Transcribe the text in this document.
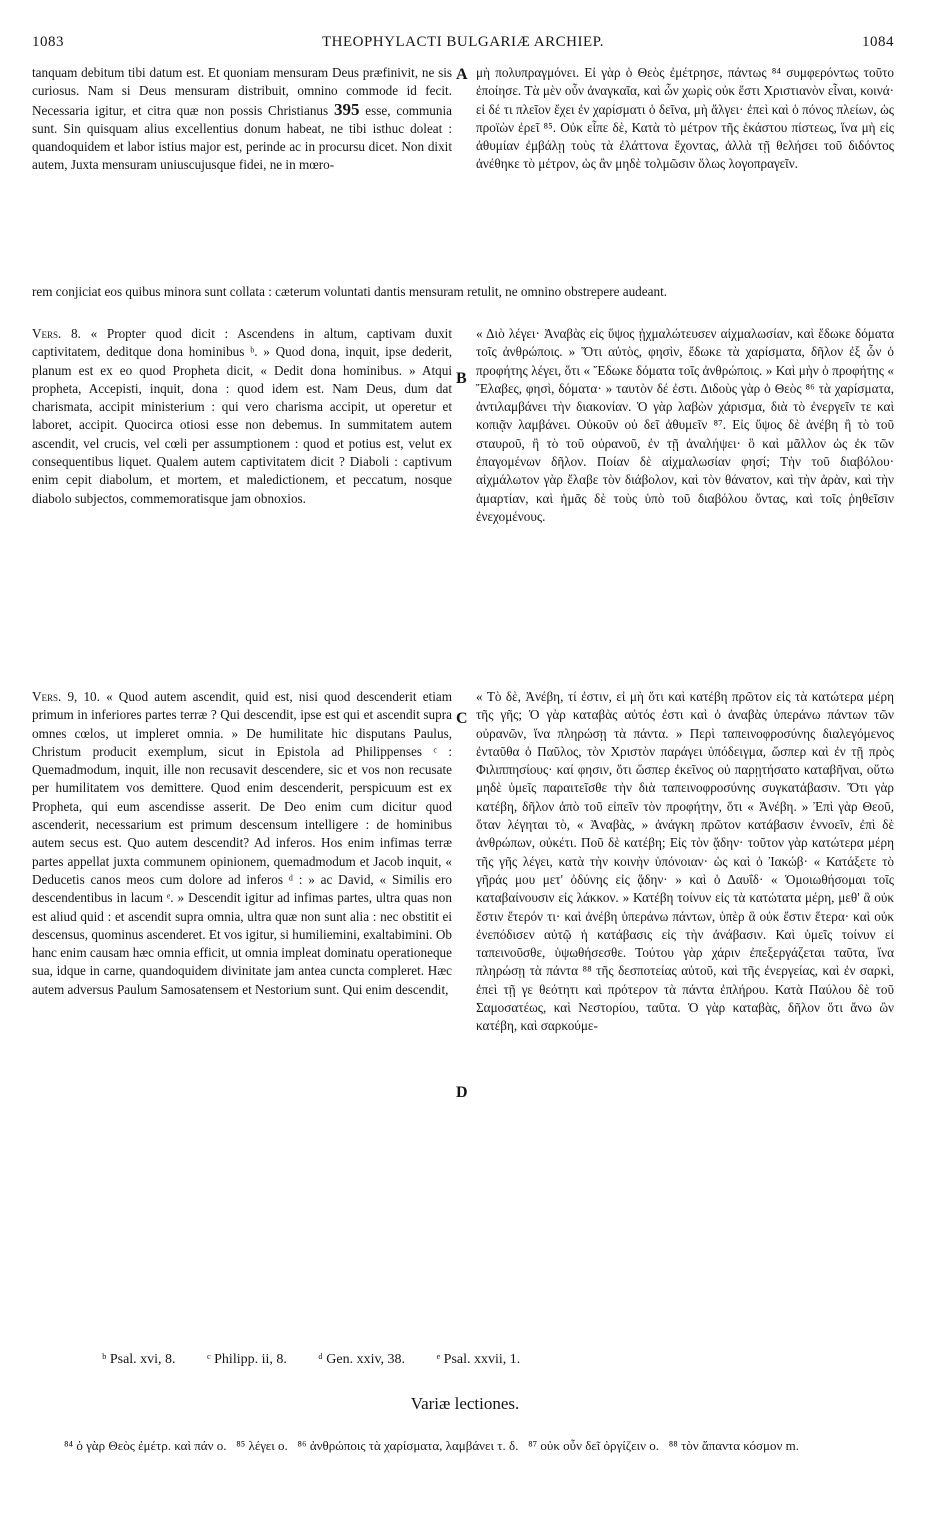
1083	THEOPHYLACTI BULGARIÆ ARCHIEP.	1084
A
B
C
D

tanquam debitum tibi datum est. Et quoniam mensuram Deus præfinivit, ne sis curiosus. Nam si Deus mensuram distribuit, omnino commode id fecit. Necessaria igitur, et citra quæ non possis Christianus 395 esse, communia sunt. Sin quisquam alius excellentius donum habeat, ne tibi isthuc doleat : quandoquidem et labor istius major est, perinde ac in procursu dicet. Non dixit autem, Juxta mensuram uniuscujusque fidei, ne in mœro-

μὴ πολυπραγμόνει. Εἰ γὰρ ὁ Θεὸς ἐμέτρησε, πάντως ⁸⁴ συμφερόντως τοῦτο ἐποίησε. Τὰ μὲν οὖν ἀναγκαῖα, καὶ ὧν χωρὶς οὐκ ἔστι Χριστιανὸν εἶναι, κοινά· εἰ δέ τι πλεῖον ἔχει ἐν χαρίσματι ὁ δεῖνα, μὴ ἄλγει· ἐπεὶ καὶ ὁ πόνος πλείων, ὡς προϊὼν ἐρεῖ ⁸⁵. Οὐκ εἶπε δὲ, Κατὰ τὸ μέτρον τῆς ἑκάστου πίστεως, ἵνα μὴ εἰς ἀθυμίαν ἐμβάλῃ τοὺς τὰ ἐλάττονα ἔχοντας, ἀλλὰ τῇ θελήσει τοῦ διδόντος ἀνέθηκε τὸ μέτρον, ὡς ἂν μηδὲ τολμῶσιν ὅλως λογοπραγεῖν.

rem conjiciat eos quibus minora sunt collata : cæterum voluntati dantis mensuram retulit, ne omnino obstrepere audeant.

Vers. 8. « Propter quod dicit : Ascendens in altum, captivam duxit captivitatem, deditque dona hominibus ᵇ. » Quod dona, inquit, ipse dederit, planum est ex eo quod Propheta dicit, « Dedit dona hominibus. » Atqui propheta, Accepisti, inquit, dona : quod idem est. Nam Deus, dum dat charismata, accipit ministerium : qui vero charisma accipit, ut operetur et laboret, accipit. Quocirca otiosi esse non debemus. In summitatem autem ascendit, vel crucis, vel cœli per assumptionem : quod et potius est, velut ex consequentibus liquet. Qualem autem captivitatem dicit ? Diaboli : captivum enim cepit diabolum, et mortem, et maledictionem, et peccatum, nosque diabolo subjectos, commemoratisque jam obnoxios.

« Διὸ λέγει· Ἀναβὰς εἰς ὕψος ᾐχμαλώτευσεν αἰχμαλωσίαν, καὶ ἔδωκε δόματα τοῖς ἀνθρώποις. » Ὅτι αὐτὸς, φησὶν, ἔδωκε τὰ χαρίσματα, δῆλον ἐξ ὧν ὁ προφήτης λέγει, ὅτι « Ἔδωκε δόματα τοῖς ἀνθρώποις. » Καὶ μὴν ὁ προφήτης « Ἔλαβες, φησὶ, δόματα· » ταυτὸν δέ ἐστι. Διδοὺς γὰρ ὁ Θεὸς ⁸⁶ τὰ χαρίσματα, ἀντιλαμβάνει τὴν διακονίαν. Ὁ γὰρ λαβὼν χάρισμα, διὰ τὸ ἐνεργεῖν τε καὶ κοπιᾷν λαμβάνει. Οὐκοῦν οὐ δεῖ ἀθυμεῖν ⁸⁷. Εἰς ὕψος δὲ ἀνέβη ἢ τὸ τοῦ σταυροῦ, ἢ τὸ τοῦ οὐρανοῦ, ἐν τῇ ἀναλήψει· ὃ καὶ μᾶλλον ὡς ἐκ τῶν ἐπαγομένων δῆλον. Ποίαν δὲ αἰχμαλωσίαν φησί; Τὴν τοῦ διαβόλου· αἰχμάλωτον γὰρ ἔλαβε τὸν διάβολον, καὶ τὸν θάνατον, καὶ τὴν ἀρὰν, καὶ τὴν ἁμαρτίαν, καὶ ἡμᾶς δὲ τοὺς ὑπὸ τοῦ διαβόλου ὄντας, καὶ τοῖς ῥηθεῖσιν ἐνεχομένους.

Vers. 9, 10. « Quod autem ascendit, quid est, nisi quod descenderit etiam primum in inferiores partes terræ ? Qui descendit, ipse est qui et ascendit supra omnes cœlos, ut impleret omnia. » De humilitate hic disputans Paulus, Christum producit exemplum, sicut in Epistola ad Philippenses ᶜ : Quemadmodum, inquit, ille non recusavit descendere, sic et vos non recusate per humilitatem vos demittere. Quod enim descenderit, perspicuum est ex Propheta, qui eum ascendisse asserit. De Deo enim cum dicitur quod ascenderit, necessarium est primum descensum intelligere : de hominibus autem secus est. Quo autem descendit? Ad inferos. Hos enim infimas terræ partes appellat juxta communem opinionem, quemadmodum et Jacob inquit, « Deducetis canos meos cum dolore ad inferos ᵈ : » ac David, « Similis ero descendentibus in lacum ᵉ. » Descendit igitur ad infimas partes, ultra quas non est aliud quid : et ascendit supra omnia, ultra quæ non sunt alia : nec obstitit ei descensus, quominus ascenderet. Et vos igitur, si humiliemini, exaltabimini. Ob hanc enim causam hæc omnia efficit, ut omnia impleat dominatu operationeque sua, idque in carne, quandoquidem divinitate jam antea cuncta compleret. Hæc autem adversus Paulum Samosatensem et Nestorium sunt. Qui enim descendit,

« Τὸ δὲ, Ἀνέβη, τί ἐστιν, εἰ μὴ ὅτι καὶ κατέβη πρῶτον εἰς τὰ κατώτερα μέρη τῆς γῆς; Ὁ γὰρ καταβὰς αὐτός ἐστι καὶ ὁ ἀναβὰς ὑπεράνω πάντων τῶν οὐρανῶν, ἵνα πληρώσῃ τὰ πάντα. » Περὶ ταπεινοφροσύνης διαλεγόμενος ἐνταῦθα ὁ Παῦλος, τὸν Χριστὸν παράγει ὑπόδειγμα, ὥσπερ καὶ ἐν τῇ πρὸς Φιλιππησίους· καί φησιν, ὅτι ὥσπερ ἐκεῖνος οὐ παρῃτήσατο καταβῆναι, οὕτω μηδὲ ὑμεῖς παραιτεῖσθε τὴν διὰ ταπεινοφροσύνης συγκατάβασιν. Ὅτι γὰρ κατέβη, δῆλον ἀπὸ τοῦ εἰπεῖν τὸν προφήτην, ὅτι « Ἀνέβη. » Ἐπὶ γὰρ Θεοῦ, ὅταν λέγηται τὸ, « Ἀναβὰς, » ἀνάγκη πρῶτον κατάβασιν ἐννοεῖν, ἐπὶ δὲ ἀνθρώπων, οὐκέτι. Ποῦ δὲ κατέβη; Εἰς τὸν ᾅδην· τοῦτον γὰρ κατώτερα μέρη τῆς γῆς λέγει, κατὰ τὴν κοινὴν ὑπόνοιαν· ὡς καὶ ὁ Ἰακώβ· « Κατάξετε τὸ γῆράς μου μετ' ὀδύνης εἰς ᾅδην· » καὶ ὁ Δαυΐδ· « Ὁμοιωθήσομαι τοῖς καταβαίνουσιν εἰς λάκκον. » Κατέβη τοίνυν εἰς τὰ κατώτατα μέρη, μεθ' ἃ οὐκ ἔστιν ἕτερόν τι· καὶ ἀνέβη ὑπεράνω πάντων, ὑπὲρ ἃ οὐκ ἔστιν ἕτερα· καὶ οὐκ ἐνεπόδισεν αὐτῷ ἡ κατάβασις εἰς τὴν ἀνάβασιν. Καὶ ὑμεῖς τοίνυν εἰ ταπεινοῦσθε, ὑψωθήσεσθε. Τούτου γὰρ χάριν ἐπεξεργάζεται ταῦτα, ἵνα πληρώσῃ τὰ πάντα ⁸⁸ τῆς δεσποτείας αὐτοῦ, καὶ τῆς ἐνεργείας, καὶ ἐν σαρκὶ, ἐπεὶ τῇ γε θεότητι καὶ πρότερον τὰ πάντα ἐπλήρου. Κατὰ Παύλου δὲ τοῦ Σαμοσατέως, καὶ Νεστορίου, ταῦτα. Ὁ γὰρ καταβὰς, δῆλον ὅτι ἄνω ὢν κατέβη, καὶ σαρκούμε-

ᵇ Psal. xvi, 8. ᶜ Philipp. ii, 8. ᵈ Gen. xxiv, 38. ᵉ Psal. xxvii, 1.
Variæ lectiones.
⁸⁴ ὁ γὰρ Θεὸς ἐμέτρ. καὶ πάν ο. ⁸⁵ λέγει ο. ⁸⁶ ἀνθρώποις τὰ χαρίσματα, λαμβάνει τ. δ. ⁸⁷ οὐκ οὖν δεῖ ὀργίζειν ο. ⁸⁸ τὸν ἅπαντα κόσμον m.
